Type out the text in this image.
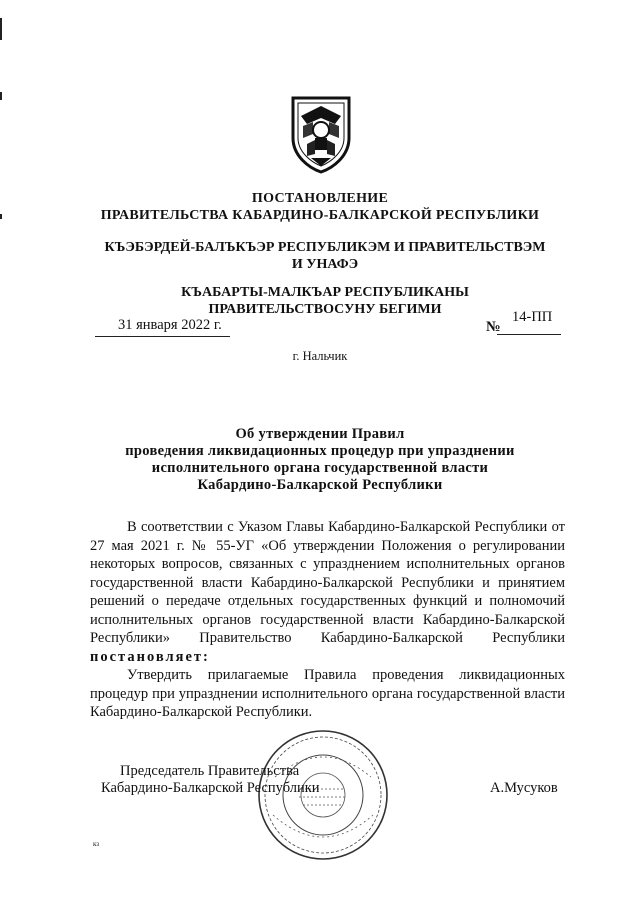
ПОСТАНОВЛЕНИЕ
ПРАВИТЕЛЬСТВА КАБАРДИНО-БАЛКАРСКОЙ РЕСПУБЛИКИ
КЪЭБЭРДЕЙ-БАЛЪКЪЭР РЕСПУБЛИКЭМ И ПРАВИТЕЛЬСТВЭМ И УНАФЭ
КЪАБАРТЫ-МАЛКЪАР РЕСПУБЛИКАНЫ ПРАВИТЕЛЬСТВОСУНУ БЕГИМИ
31 января 2022 г.	№
14-ПП
г. Нальчик
Об утверждении Правил
проведения ликвидационных процедур при упразднении
исполнительного органа государственной власти
Кабардино-Балкарской Республики

В соответствии с Указом Главы Кабардино-Балкарской Республики от 27 мая 2021 г. № 55-УГ «Об утверждении Положения о регулировании некоторых вопросов, связанных с упразднением исполнительных органов государственной власти Кабардино-Балкарской Республики и принятием решений о передаче отдельных государственных функций и полномочий исполнительных органов государственной власти Кабардино-Балкарской Республики» Правительство Кабардино-Балкарской Республики постановляет:

Утвердить прилагаемые Правила проведения ликвидационных процедур при упразднении исполнительного органа государственной власти Кабардино-Балкарской Республики.

Председатель Правительства
Кабардино-Балкарской Республики	А.Мусуков
кз
